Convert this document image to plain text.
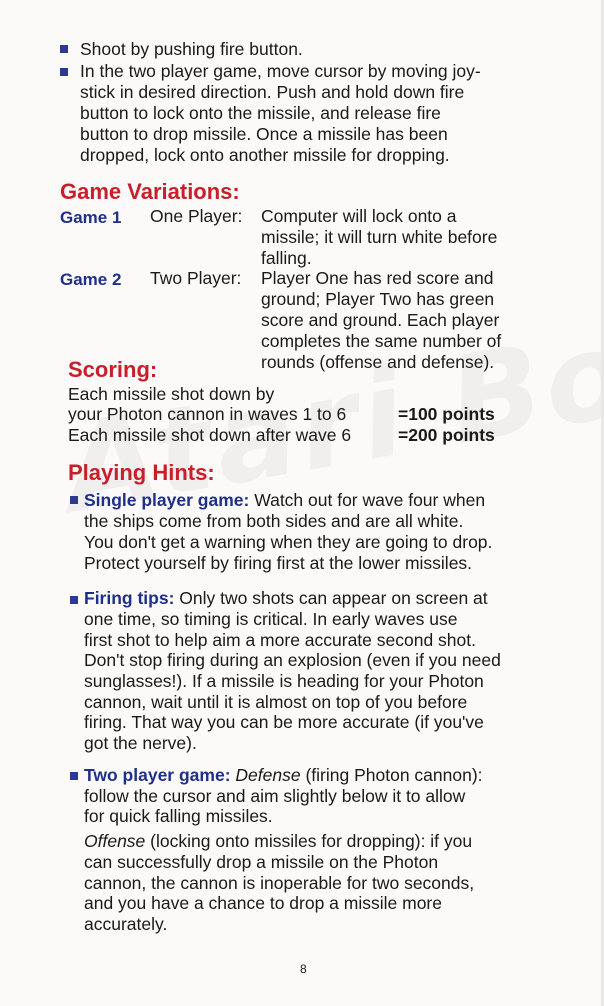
Shoot by pushing fire button.
In the two player game, move cursor by moving joy-
stick in desired direction. Push and hold down fire
button to lock onto the missile, and release fire
button to drop missile. Once a missile has been
dropped, lock onto another missile for dropping.
Game Variations:
Game 1 One Player: Computer will lock onto a
missile; it will turn white before
falling.
Game 2 Two Player: Player One has red score and
ground; Player Two has green
score and ground. Each player
completes the same number of
rounds (offense and defense).
Scoring:
Each missile shot down by
your Photon cannon in waves 1 to 6	=100 points
Each missile shot down after wave 6	=200 points
Playing Hints:
Single player game: Watch out for wave four when
the ships come from both sides and are all white.
You don't get a warning when they are going to drop.
Protect yourself by firing first at the lower missiles.
Firing tips: Only two shots can appear on screen at
one time, so timing is critical. In early waves use
first shot to help aim a more accurate second shot.
Don't stop firing during an explosion (even if you need
sunglasses!). If a missile is heading for your Photon
cannon, wait until it is almost on top of you before
firing. That way you can be more accurate (if you've
got the nerve).
Two player game: Defense (firing Photon cannon):
follow the cursor and aim slightly below it to allow
for quick falling missiles.
Offense (locking onto missiles for dropping): if you
can successfully drop a missile on the Photon
cannon, the cannon is inoperable for two seconds,
and you have a chance to drop a missile more
accurately.
8
